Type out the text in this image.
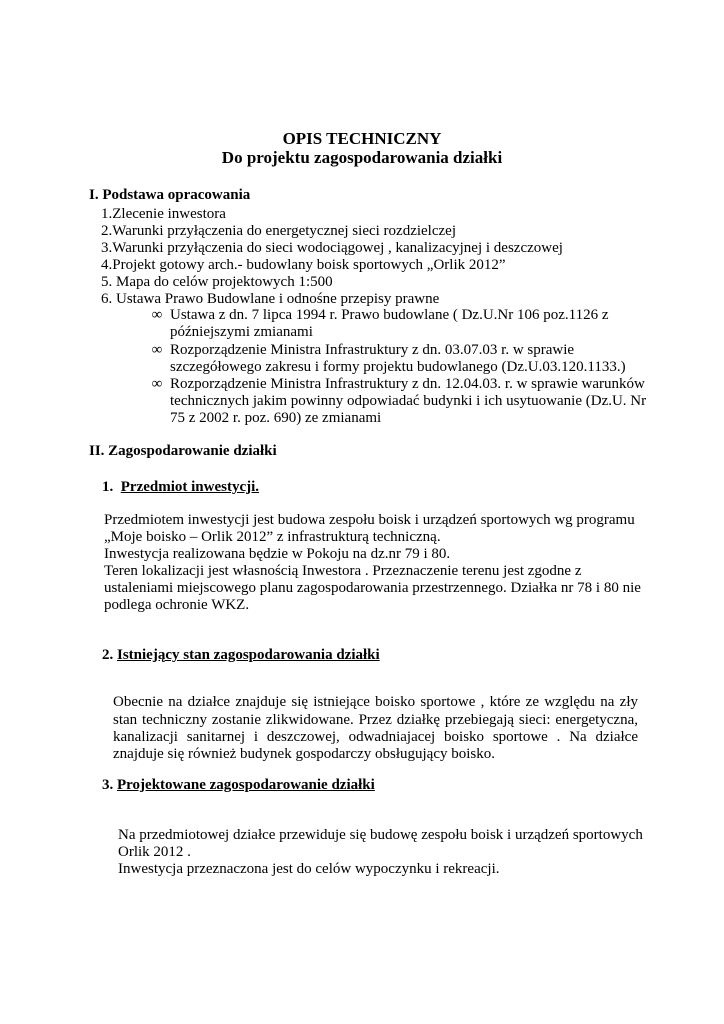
OPIS TECHNICZNY
Do projektu zagospodarowania działki
I. Podstawa opracowania
1.Zlecenie inwestora
2.Warunki przyłączenia do energetycznej sieci rozdzielczej
3.Warunki przyłączenia do sieci wodociągowej , kanalizacyjnej i deszczowej
4.Projekt gotowy arch.- budowlany boisk sportowych „Orlik 2012”
5. Mapa do celów projektowych 1:500
6. Ustawa Prawo Budowlane i odnośne przepisy prawne
∞ Ustawa z dn. 7 lipca 1994 r. Prawo budowlane ( Dz.U.Nr 106 poz.1126 z
późniejszymi zmianami
∞ Rozporządzenie Ministra Infrastruktury z dn. 03.07.03 r. w sprawie
szczegółowego zakresu i formy projektu budowlanego (Dz.U.03.120.1133.)
∞ Rozporządzenie Ministra Infrastruktury z dn. 12.04.03. r. w sprawie warunków
technicznych jakim powinny odpowiadać budynki i ich usytuowanie (Dz.U. Nr
75 z 2002 r. poz. 690) ze zmianami
II. Zagospodarowanie działki
1. Przedmiot inwestycji.
Przedmiotem inwestycji jest budowa zespołu boisk i urządzeń sportowych wg programu
„Moje boisko – Orlik 2012” z infrastrukturą techniczną.
Inwestycja realizowana będzie w Pokoju na dz.nr 79 i 80.
Teren lokalizacji jest własnością Inwestora . Przeznaczenie terenu jest zgodne z
ustaleniami miejscowego planu zagospodarowania przestrzennego. Działka nr 78 i 80 nie
podlega ochronie WKZ.
2. Istniejący stan zagospodarowania działki
Obecnie na działce znajduje się istniejące boisko sportowe , które ze względu na zły
stan techniczny zostanie zlikwidowane. Przez działkę przebiegają sieci: energetyczna,
kanalizacji sanitarnej i deszczowej, odwadniajacej boisko sportowe . Na działce
znajduje się również budynek gospodarczy obsługujący boisko.
3. Projektowane zagospodarowanie działki
Na przedmiotowej działce przewiduje się budowę zespołu boisk i urządzeń sportowych
Orlik 2012 .
Inwestycja przeznaczona jest do celów wypoczynku i rekreacji.
